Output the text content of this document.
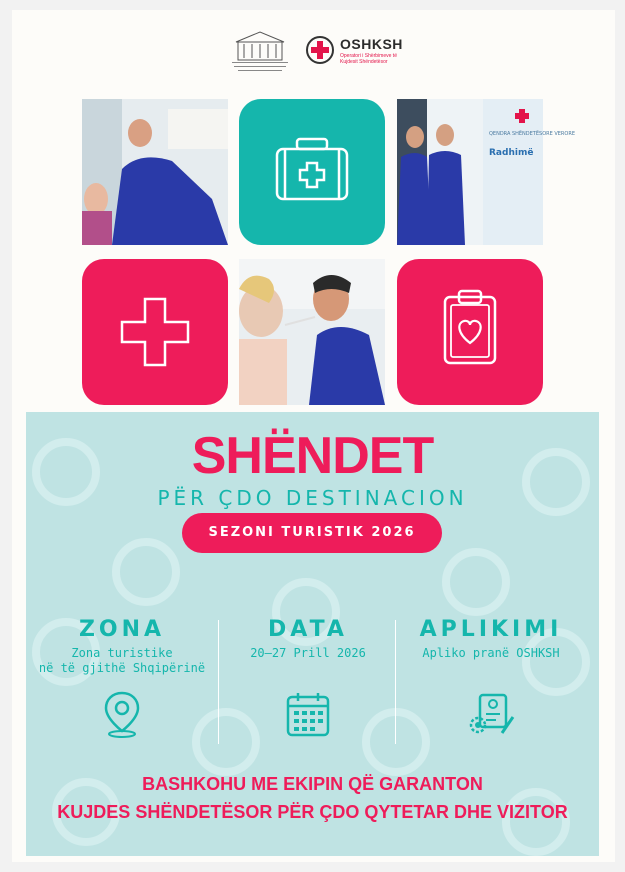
OSHKSH
Operatori i Shërbimeve të Kujdesit Shëndetësor
QENDRA SHËNDETËSORE VERORE
Radhimë
SHËNDET
PËR ÇDO DESTINACION
SEZONI TURISTIK 2026
ZONA
Zona turistike
në të gjithë Shqipërinë
DATA
20–27 Prill 2026
APLIKIMI
Apliko pranë OSHKSH
BASHKOHU ME EKIPIN QË GARANTON
KUJDES SHËNDETËSOR PËR ÇDO QYTETAR DHE VIZITOR
